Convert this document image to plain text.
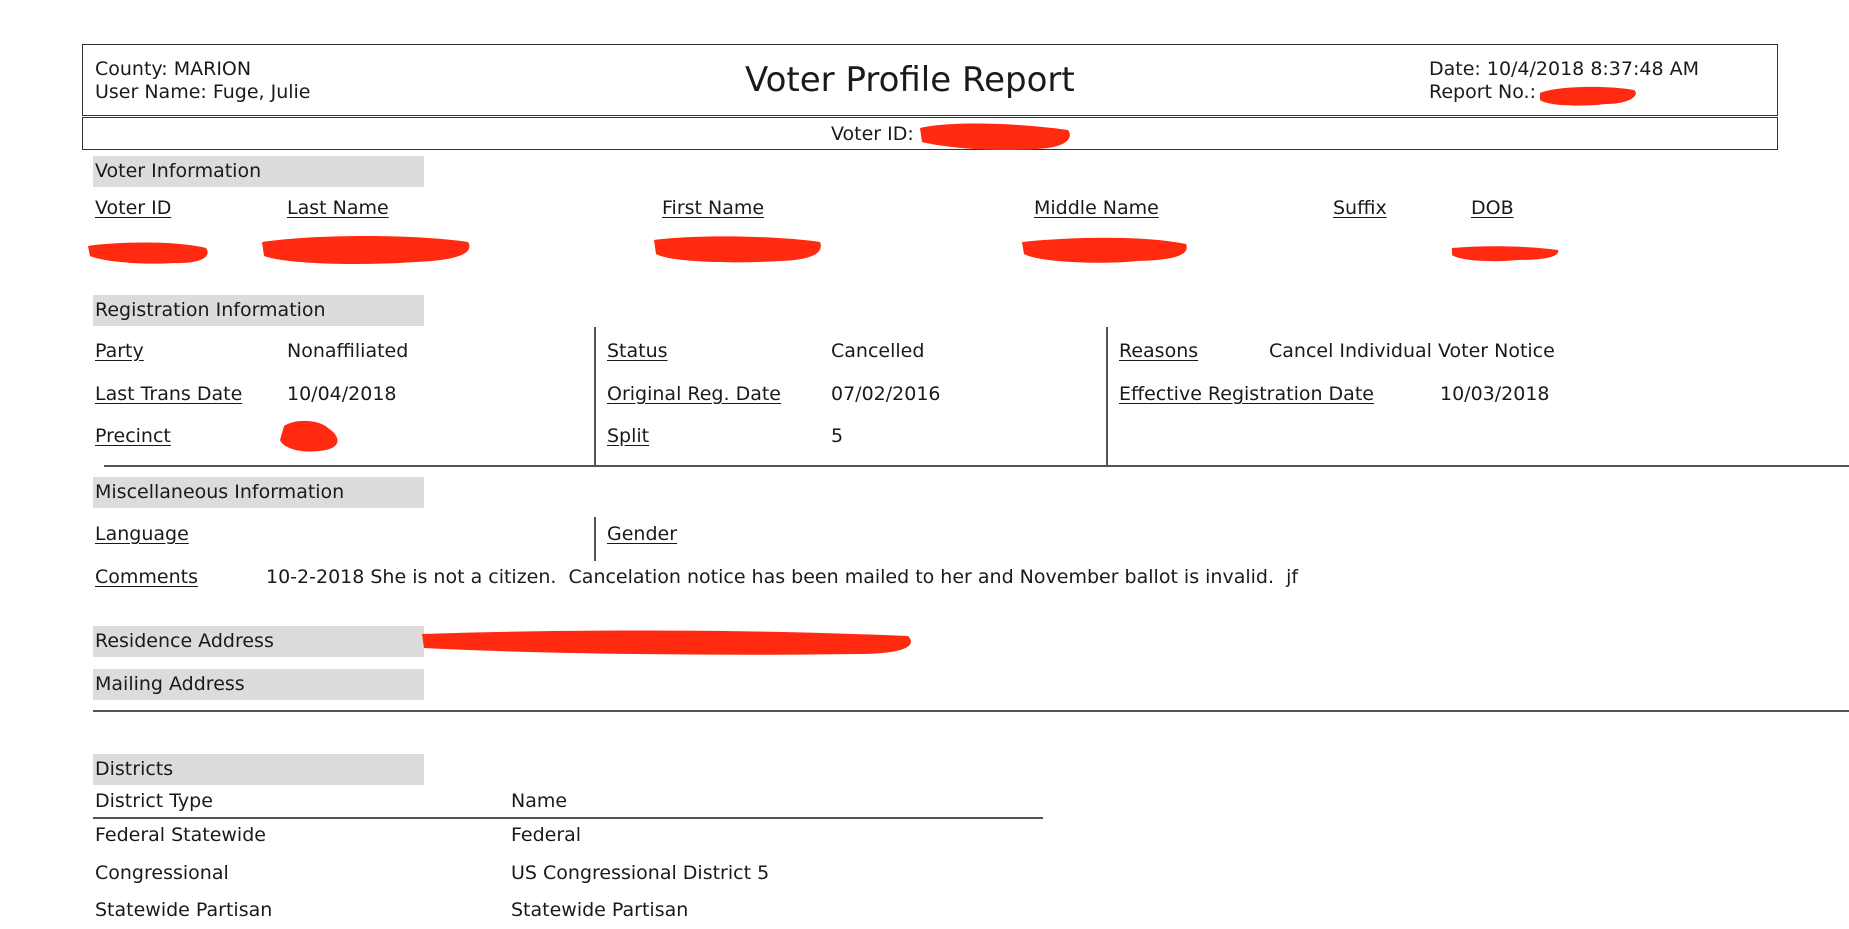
County: MARION
User Name: Fuge, Julie	Voter Profile Report	Date: 10/4/2018 8:37:48 AM
Report No.:
Voter ID:
Voter Information
Voter ID	Last Name	First Name	Middle Name	Suffix	DOB
Registration Information
Party	Nonaffiliated
Last Trans Date 10/04/2018
Precinct
Status	Cancelled
Original Reg. Date	07/02/2016
Split	5
Reasons	Cancel Individual Voter Notice
Effective Registration Date	10/03/2018
Miscellaneous Information
Language	Gender
Comments	10-2-2018 She is not a citizen.  Cancelation notice has been mailed to her and November ballot is invalid.  jf
Residence Address
Mailing Address
Districts
District Type	Name
Federal Statewide	Federal
Congressional	US Congressional District 5
Statewide Partisan	Statewide Partisan
